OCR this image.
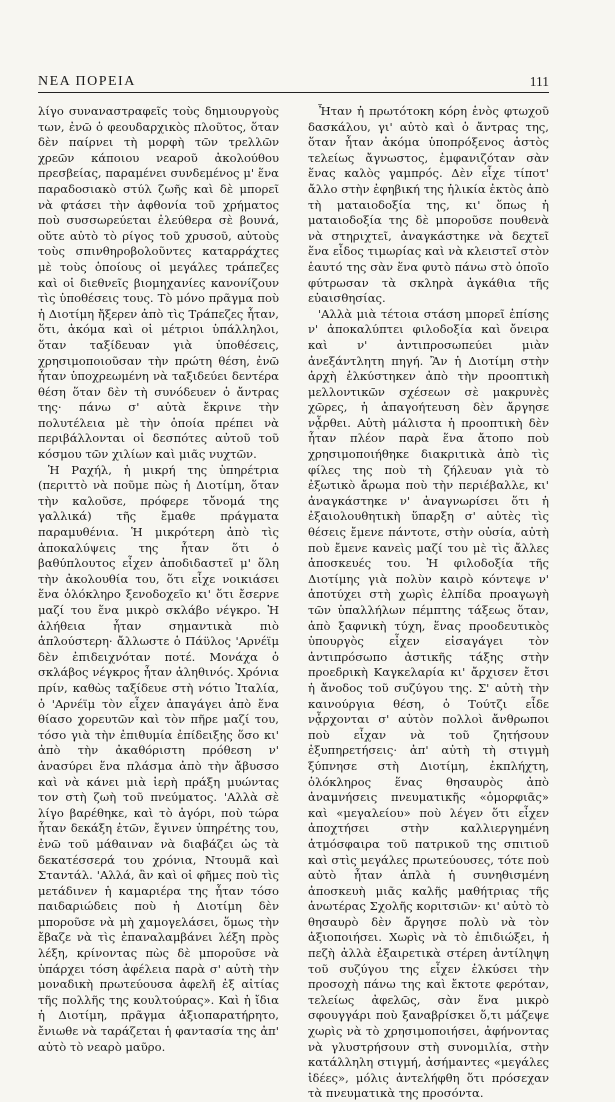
ΝΕΑ ΠΟΡΕΙΑ	111

λίγο συναναστραφεῖς τοὺς δημιουργοὺς των, ἐνῶ ὁ φεουδαρχικὸς πλοῦτος, ὅταν δὲν παίρνει τὴ μορφὴ τῶν τρελλῶν χρεῶν κάποιου νεαροῦ ἀκολούθου πρεσβείας, παραμένει συνδεμένος μ' ἕνα παραδοσιακὸ στύλ ζωῆς καὶ δὲ μπορεῖ νὰ φτάσει τὴν ἀφθονία τοῦ χρήματος ποὺ συσσωρεύεται ἐλεύθερα σὲ βουνά, οὔτε αὐτὸ τὸ ρίγος τοῦ χρυσοῦ, αὐτοὺς τοὺς σπινθηροβολοῦντες καταρράχτες μὲ τοὺς ὁποίους οἱ μεγάλες τράπεζες καὶ οἱ διεθνεῖς βιομηχανίες κανονίζουν τὶς ὑποθέσεις τους. Τὸ μόνο πρᾶγμα ποὺ ἡ Διοτίμη ἤξερεν ἀπὸ τὶς Τράπεζες ἦταν, ὅτι, ἀκόμα καὶ οἱ μέτριοι ὑπάλληλοι, ὅταν ταξίδευαν γιὰ ὑποθέσεις, χρησιμοποιοῦσαν τὴν πρώτη θέση, ἐνῶ ἦταν ὑποχρεωμένη νὰ ταξιδεύει δεντέρα θέση ὅταν δὲν τὴ συνόδευεν ὁ ἄντρας της· πάνω σ' αὐτὰ ἔκρινε τὴν πολυτέλεια μὲ τὴν ὁποία πρέπει νὰ περιβάλλονται οἱ δεσπότες αὐτοῦ τοῦ κόσμου τῶν χιλίων καὶ μιᾶς νυχτῶν.

Ἡ Ραχήλ, ἡ μικρή της ὑπηρέτρια (περιττὸ νὰ ποῦμε πὼς ἡ Διοτίμη, ὅταν τὴν καλοῦσε, πρόφερε τὄνομά της γαλλικά) τῆς ἔμαθε πράγματα παραμυθένια. Ἡ μικρότερη ἀπὸ τὶς ἀποκαλύψεις της ἦταν ὅτι ὁ βαθύπλουτος εἶχεν ἀποδιδαστεῖ μ' ὅλη τὴν ἀκολουθία του, ὅτι εἶχε νοικιάσει ἕνα ὁλόκληρο ξενοδοχεῖο κι' ὅτι ἔσερνε μαζί του ἕνα μικρὸ σκλάβο νέγκρο. Ἡ ἀλήθεια ἦταν σημαντικὰ πιὸ ἁπλούστερη· ἄλλωστε ὁ Πάϋλος 'Αρνέϊμ δὲν ἐπιδειχνόταν ποτέ. Μονάχα ὁ σκλάβος νέγκρος ἦταν ἀληθινός. Χρόνια πρίν, καθὼς ταξίδευε στὴ νότιο Ἰταλία, ὁ 'Αρνέϊμ τὸν εἶχεν ἀπαγάγει ἀπὸ ἕνα θίασο χορευτῶν καὶ τὸν πῆρε μαζί του, τόσο γιὰ τὴν ἐπιθυμία ἐπίδειξης ὅσο κι' ἀπὸ τὴν ἀκαθόριστη πρόθεση ν' ἀνασύρει ἕνα πλάσμα ἀπὸ τὴν ἄβυσσο καὶ νὰ κάνει μιὰ ἱερὴ πράξη μυώντας τον στὴ ζωὴ τοῦ πνεύματος. 'Αλλὰ σὲ λίγο βαρέθηκε, καὶ τὸ ἀγόρι, ποὺ τώρα ἦταν δεκάξη ἐτῶν, ἔγινεν ὑπηρέτης του, ἐνῶ τοῦ μάθαιναν νὰ διαβάζει ὡς τὰ δεκατέσσερά του χρόνια, Ντουμᾶ καὶ Σταντάλ. 'Αλλά, ἂν καὶ οἱ φῆμες ποὺ τὶς μετάδινεν ἡ καμαριέρα της ἦταν τόσο παιδαριώδεις ποὺ ἡ Διοτίμη δὲν μποροῦσε νὰ μὴ χαμογελάσει, ὅμως τὴν ἔβαζε νὰ τὶς ἐπαναλαμβάνει λέξη πρὸς λέξη, κρίνοντας πὼς δὲ μποροῦσε νὰ ὑπάρχει τόση ἀφέλεια παρὰ σ' αὐτὴ τὴν μοναδικὴ πρωτεύουσα ἀφελῆ ἐξ αἰτίας τῆς πολλῆς της κουλτούρας». Καὶ ἡ ἴδια ἡ Διοτίμη, πρᾶγμα ἀξιοπαρατήρητο, ἔνιωθε νὰ ταράζεται ἡ φαντασία της ἀπ' αὐτὸ τὸ νεαρὸ μαῦρο.

Ἦταν ἡ πρωτότοκη κόρη ἑνὸς φτωχοῦ δασκάλου, γι' αὐτὸ καὶ ὁ ἄντρας της, ὅταν ἦταν ἀκόμα ὑποπρόξενος ἀστὸς τελείως ἄγνωστος, ἐμφανιζόταν σὰν ἕνας καλὸς γαμπρός. Δὲν εἶχε τίποτ' ἄλλο στὴν ἐφηβική της ἡλικία ἐκτὸς ἀπὸ τὴ ματαιοδοξία της, κι' ὅπως ἡ ματαιοδοξία της δὲ μποροῦσε πουθενὰ νὰ στηριχτεῖ, ἀναγκάστηκε νὰ δεχτεῖ ἕνα εἶδος τιμωρίας καὶ νὰ κλειστεῖ στὸν ἑαυτό της σὰν ἕνα φυτὸ πάνω στὸ ὁποῖο φύτρωσαν τὰ σκληρὰ ἀγκάθια τῆς εὐαισθησίας.

'Αλλὰ μιὰ τέτοια στάση μπορεῖ ἐπίσης ν' ἀποκαλύπτει φιλοδοξία καὶ ὄνειρα καὶ ν' ἀντιπροσωπεύει μιὰν ἀνεξάντλητη πηγή. Ἂν ἡ Διοτίμη στὴν ἀρχὴ ἑλκύστηκεν ἀπὸ τὴν προοπτικὴ μελλοντικῶν σχέσεων σὲ μακρυνὲς χῶρες, ἡ ἀπαγοήτευση δὲν ἄργησε νᾆρθει. Αὐτὴ μάλιστα ἡ προοπτικὴ δὲν ἦταν πλέον παρὰ ἕνα ἄτοπο ποὺ χρησιμοποιήθηκε διακριτικὰ ἀπὸ τὶς φίλες της ποὺ τὴ ζήλευαν γιὰ τὸ ἐξωτικὸ ἄρωμα ποὺ τὴν περιέβαλλε, κι' ἀναγκάστηκε ν' ἀναγνωρίσει ὅτι ἡ ἐξαιολουθητικὴ ὕπαρξη σ' αὐτὲς τὶς θέσεις ἔμενε πάντοτε, στὴν οὐσία, αὐτὴ ποὺ ἔμενε κανεὶς μαζί του μὲ τὶς ἄλλες ἀποσκευές του. Ἡ φιλοδοξία τῆς Διοτίμης γιὰ πολὺν καιρὸ κόντεψε ν' ἀποτύχει στὴ χωρὶς ἐλπίδα προαγωγὴ τῶν ὑπαλλήλων πέμπτης τάξεως ὅταν, ἀπὸ ξαφνικὴ τύχη, ἕνας προοδευτικὸς ὑπουργὸς εἶχεν εἰσαγάγει τὸν ἀντιπρόσωπο ἀστικῆς τάξης στὴν προεδρικὴ Καγκελαρία κι' ἄρχισεν ἔτσι ἡ ἄνοδος τοῦ συζύγου της. Σ' αὐτὴ τὴν καινούργια θέση, ὁ Τούτζι εἶδε νᾆρχονται σ' αὐτὸν πολλοὶ ἄνθρωποι ποὺ εἶχαν νὰ τοῦ ζητήσουν ἐξυπηρετήσεις· ἀπ' αὐτὴ τὴ στιγμὴ ξύπνησε στὴ Διοτίμη, ἐκπλήχτη, ὁλόκληρος ἕνας θησαυρὸς ἀπὸ ἀναμνήσεις πνευματικῆς «ὁμορφιᾶς» καὶ «μεγαλείου» ποὺ λέγεν ὅτι εἶχεν ἀποχτήσει στὴν καλλιεργημένη ἀτμόσφαιρα τοῦ πατρικοῦ της σπιτιοῦ καὶ στὶς μεγάλες πρωτεύουσες, τότε ποὺ αὐτὸ ἦταν ἁπλὰ ἡ συνηθισμένη ἀποσκευὴ μιᾶς καλῆς μαθήτριας τῆς ἀνωτέρας Σχολῆς κοριτσιῶν· κι' αὐτὸ τὸ θησαυρὸ δὲν ἄργησε πολὺ νὰ τὸν ἀξιοποιήσει. Χωρὶς νὰ τὸ ἐπιδιώξει, ἡ πεζὴ ἀλλὰ ἐξαιρετικὰ στέρεη ἀντίληψη τοῦ συζύγου της εἶχεν ἑλκύσει τὴν προσοχὴ πάνω της καὶ ἔκτοτε φερόταν, τελείως ἀφελῶς, σὰν ἕνα μικρὸ σφουγγάρι ποὺ ξαναβρίσκει ὅ,τι μάζεψε χωρὶς νὰ τὸ χρησιμοποιήσει, ἀφήνοντας νὰ γλυστρήσουν στὴ συνομιλία, στὴν κατάλληλη στιγμή, ἀσήμαντες «μεγάλες ἰδέες», μόλις ἀντελήφθη ὅτι πρόσεχαν τὰ πνευματικὰ της προσόντα.
